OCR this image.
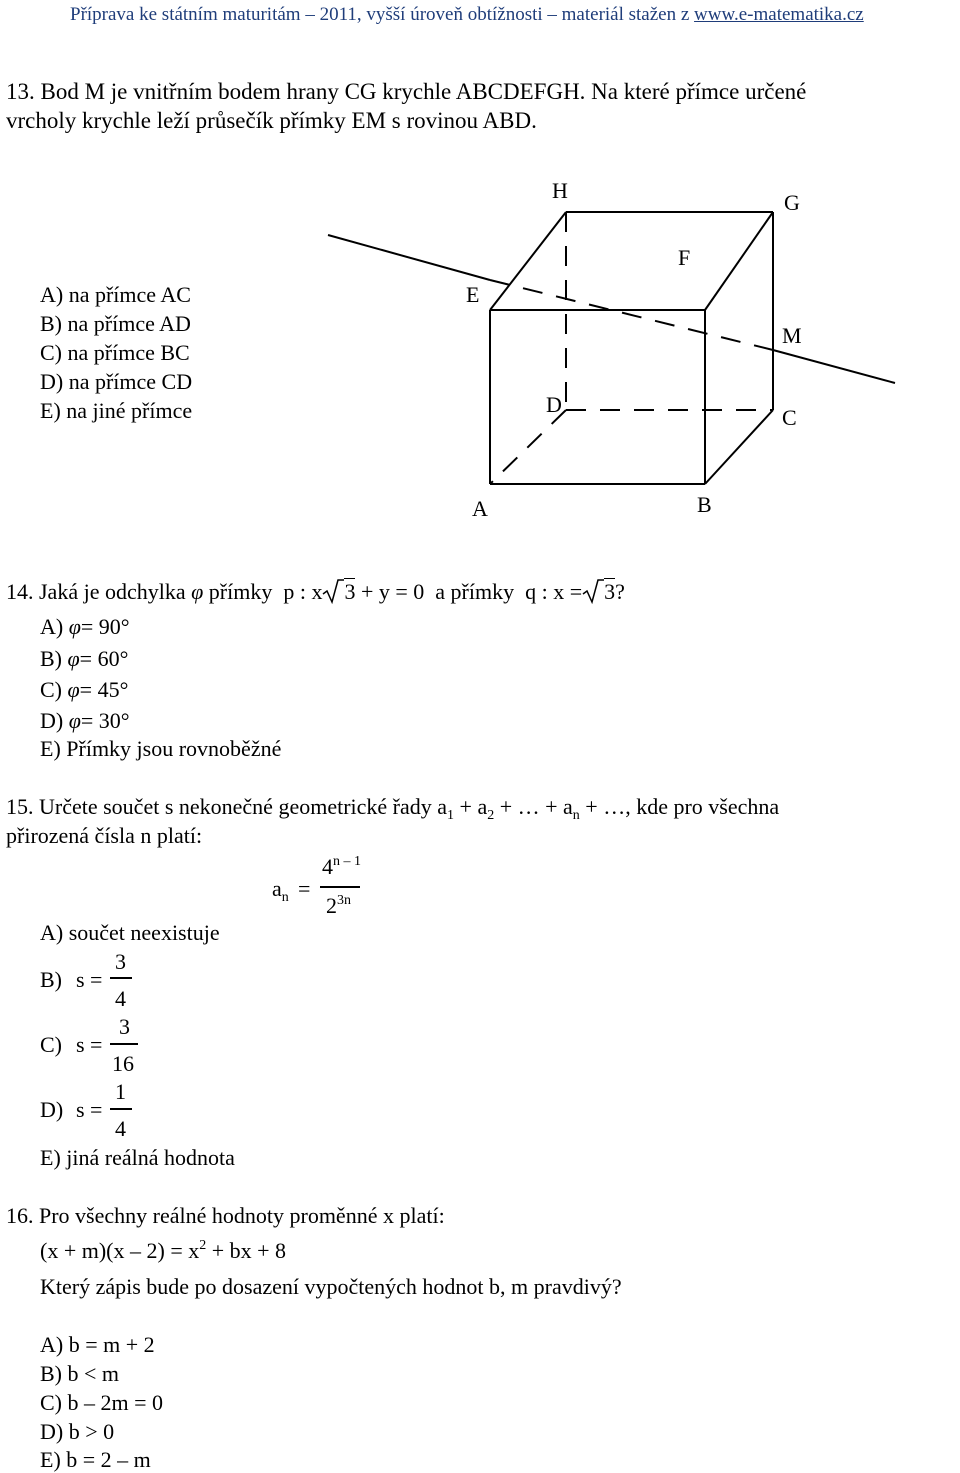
Příprava ke státním maturitám – 2011, vyšší úroveň obtížnosti – materiál stažen z www.e-matematika.cz
13. Bod M je vnitřním bodem hrany CG krychle ABCDEFGH. Na které přímce určené
vrcholy krychle leží průsečík přímky EM s rovinou ABD.
A) na přímce AC
B) na přímce AD
C) na přímce BC
D) na přímce CD
E) na jiné přímce
H	G
F
E
M
D
C
A	B
14. Jaká je odchylka φ přímky p : x 3 + y = 0 a přímky q : x = 3?
A) φ= 90°
B) φ= 60°
C) φ= 45°
D) φ= 30°
E) Přímky jsou rovnoběžné
15. Určete součet s nekonečné geometrické řady $a_1 + a_2$ + … + $a_n$ + …, kde pro všechna
přirozená čísla n platí:
$a_n$ =
$4^{n - 1}$
$2^{3n}$
A) součet neexistuje
B) s =
3
4
C) s =
3
16
D) s =
1
4
E) jiná reálná hodnota
16. Pro všechny reálné hodnoty proměnné x platí:
$(x + m)(x - 2) = x^2$ + bx + 8
Který zápis bude po dosazení vypočtených hodnot b, m pravdivý?
A) b = m + 2
B) b < m
C) b – 2m = 0
D) b > 0
E) b = 2 – m
